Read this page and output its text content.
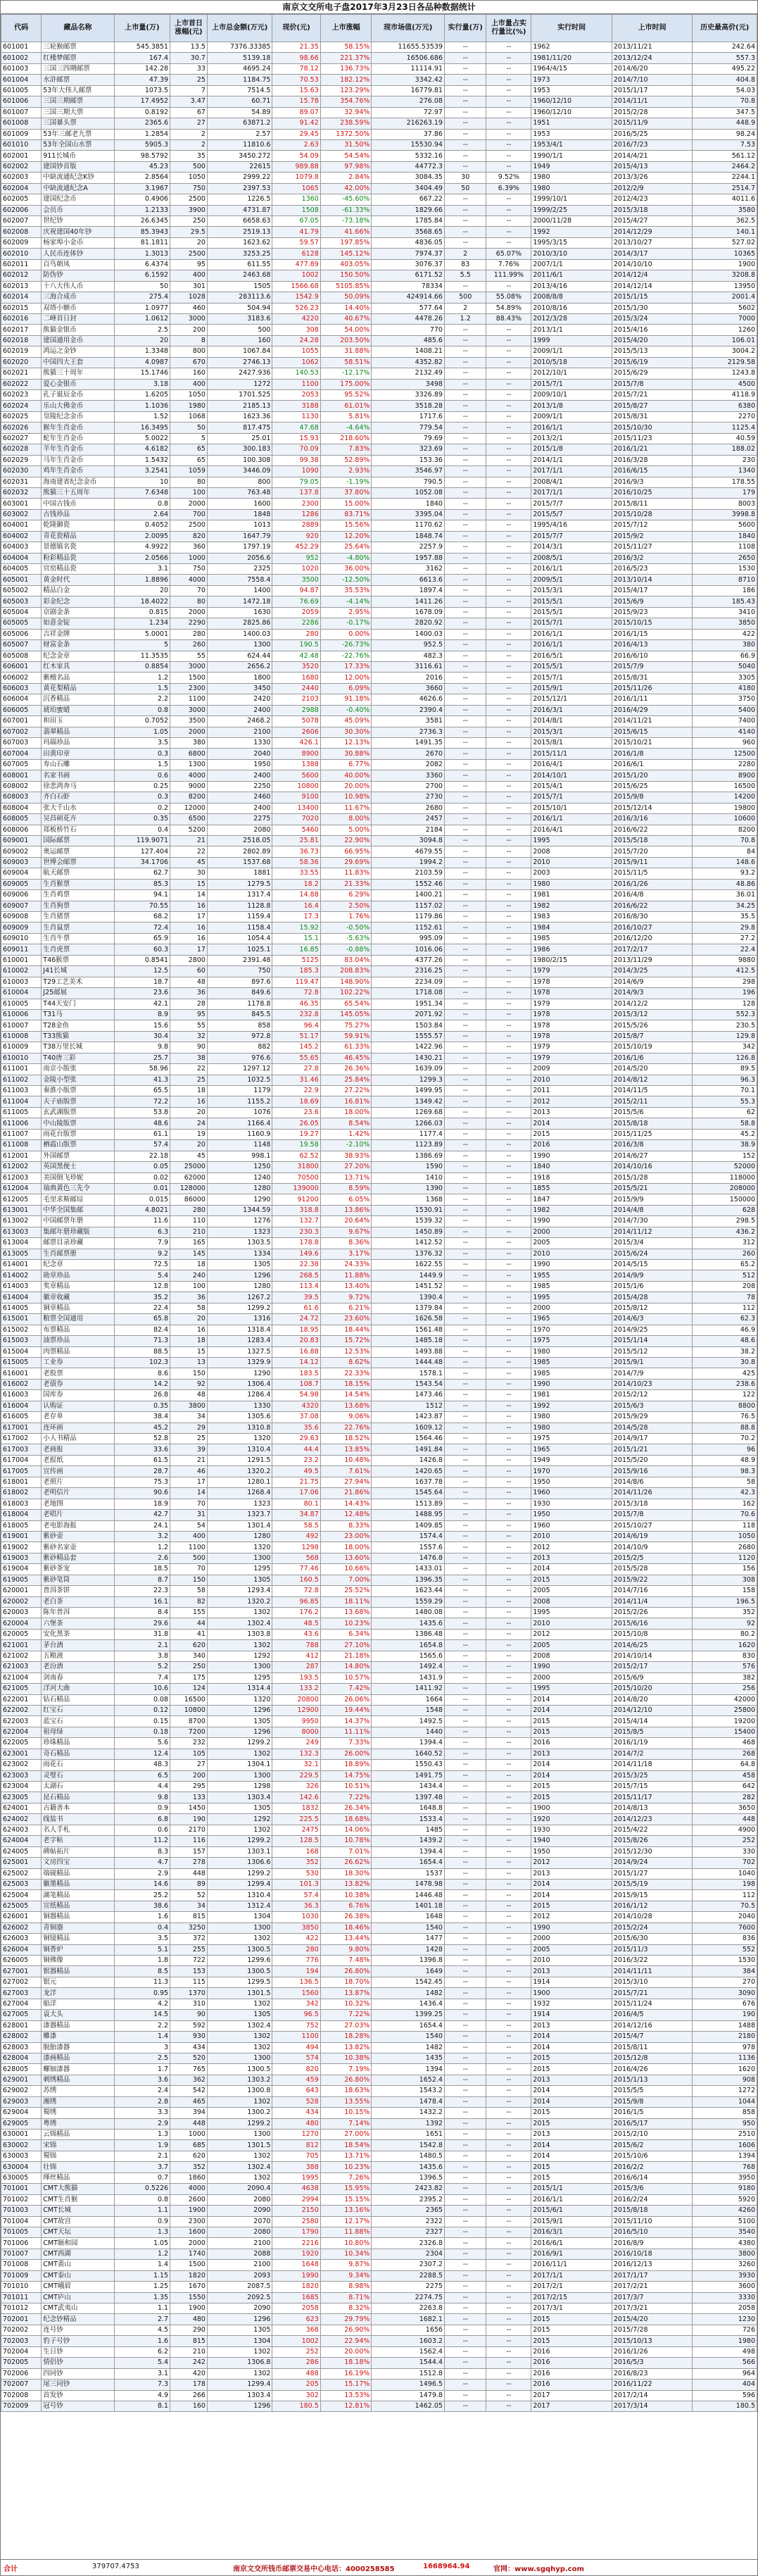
南京文交所电子盘2017年3月23日各品种数据统计
代码	藏品名称	上市量(万)	上市首日涨幅(元)	上市总金额(万元)	现价(元)	上市涨幅	现市场值(万元)	实行量(万)	上市量占实行量比(%)	实行时间	上市时间	历史最高价(元)
601001	三轮猴邮票	545.3851	13.5	7376.33385	21.35	58.15%	11655.53539	--	--	1962	2013/11/21	242.64
601002	红楼梦邮票	167.4	30.7	5139.18	98.66	221.37%	16506.686	--	--	1981/11/20	2013/12/24	557.3
601003	三国三四期邮票	142.28	33	4695.24	78.12	136.73%	11114.91	--	--	1964/4/15	2014/6/20	495.22
601004	水浒邮票	47.39	25	1184.75	70.53	182.12%	3342.42	--	--	1973	2014/7/10	404.8
601005	53年大伟人邮票	1073.5	7	7514.5	15.63	123.29%	16779.81	--	--	1953	2015/1/17	54.03
601006	三国三期邮票	17.4952	3.47	60.71	15.78	354.76%	276.08	--	--	1960/12/10	2014/11/1	70.8
601007	三国三期大票	0.8192	67	54.89	89.07	32.94%	72.97	--	--	1960/12/10	2015/2/28	347.5
601008	三国暴头票	2365.6	27	63871.2	91.42	238.59%	216263.19	--	--	1951	2015/11/9	448.9
601009	53年三邮老九票	1.2854	2	2.57	29.45	1372.50%	37.86	--	--	1953	2016/5/25	98.24
601010	53年全国山水票	5905.3	2	11810.6	2.63	31.50%	15530.94	--	--	1953/4/1	2016/7/23	7.53
602001	911长城币	98.5792	35	3450.272	54.09	54.54%	5332.16	--	--	1990/1/1	2014/4/21	561.12
602002	建国钞首版	45.23	500	22615	989.88	97.98%	44772.3	--	--	1949	2015/4/13	2464.2
602003	中缺流通纪念K钞	2.8564	1050	2999.22	1079.8	2.84%	3084.35	30	9.52%	1980	2013/3/26	2244.1
602004	中缺流通纪念A	3.1967	750	2397.53	1065	42.00%	3404.49	50	6.39%	1980	2012/2/9	2514.7
602005	建国纪念币	0.4906	2500	1226.5	1360	-45.60%	667.22	--	--	1999/10/1	2012/4/23	4011.6
602006	会员币	1.2133	3900	4731.87	1508	-61.33%	1829.66	--	--	1999/2/25	2015/3/18	3580
602007	世纪钞	26.6345	250	6658.63	67.05	-73.18%	1785.84	--	--	2000/11/28	2015/4/27	362.5
602008	庆祝建国40年钞	85.3943	29.5	2519.13	41.79	41.66%	3568.65	--	--	1992	2014/12/29	140.1
602009	杨家埠小金币	81.1811	20	1623.62	59.57	197.85%	4836.05	--	--	1995/3/15	2013/10/27	527.02
602010	人民币连体钞	1.3013	2500	3253.25	6128	145.12%	7974.37	2	65.07%	2010/3/10	2014/3/17	10365
602011	百鸟朝凤	6.4374	95	611.55	477.89	403.05%	3076.37	83	7.76%	2007/1/1	2014/10/10	1900
602012	防伪钞	6.1592	400	2463.68	1002	150.50%	6171.52	5.5	111.99%	2011/6/1	2014/12/4	3208.8
602013	十八大伟人币	50	301	1505	1566.68	5105.85%	78334	--	--	2013/4/16	2014/12/14	13950
602014	三海合成币	275.4	1028	283113.6	1542.9	50.09%	424914.66	500	55.08%	2008/8/8	2015/1/15	2001.4
602015	双塔小额币	1.0977	460	504.94	526.23	14.40%	577.64	2	54.89%	2010/8/16	2015/1/30	5602
602016	二峰首日封	1.0612	3000	3183.6	4220	40.67%	4478.26	1.2	88.43%	2012/3/28	2015/3/24	7000
602017	熊猫金银币	2.5	200	500	308	54.00%	770	--	--	2013/1/1	2015/4/16	1260
602018	建国通用金币	20	8	160	24.28	203.50%	485.6	--	--	1999	2015/4/20	106.01
602019	鸿运之金钞	1.3348	800	1067.84	1055	31.88%	1408.21	--	--	2009/1/1	2015/5/13	3004.2
602020	中国四大王套	4.0987	670	2746.13	1062	58.51%	4352.82	--	--	2010/5/18	2015/6/19	2129.58
602021	熊猫三十周年	15.1746	160	2427.936	140.53	-12.17%	2132.49	--	--	2012/10/1	2015/6/29	1243.8
602022	爱心金银币	3.18	400	1272	1100	175.00%	3498	--	--	2015/7/1	2015/7/8	4500
602023	孔子诞辰金币	1.6205	1050	1701.525	2053	95.52%	3326.89	--	--	2009/10/1	2015/7/21	4118.9
602024	乐山大佛金币	1.1036	1980	2185.13	3188	61.01%	3518.28	--	--	2013/1/8	2015/8/27	6380
602025	皇陵纪念金币	1.52	1068	1623.36	1130	5.81%	1717.6	--	--	2009/1/1	2015/8/31	2270
602026	猴年生肖金币	16.3495	50	817.475	47.68	-4.64%	779.54	--	--	2016/1/1	2015/10/30	1125.4
602027	蛇年生肖金币	5.0022	5	25.01	15.93	218.60%	79.69	--	--	2013/2/1	2015/11/23	40.59
602028	羊年生肖金币	4.6182	65	300.183	70.09	7.83%	323.69	--	--	2015/1/8	2016/1/21	188.02
602029	马年生肖金币	1.5432	65	100.308	99.38	52.89%	153.36	--	--	2014/1/1	2016/3/28	230
602030	鸡年生肖金币	3.2541	1059	3446.09	1090	2.93%	3546.97	--	--	2017/1/1	2016/6/15	1340
602031	海南建省纪念金币	10	80	800	79.05	-1.19%	790.5	--	--	2008/4/1	2016/9/3	178.55
602032	熊猫三十五周年	7.6348	100	763.48	137.8	37.80%	1052.08	--	--	2017/1/1	2016/10/25	179
603001	中国古钱币	0.8	2000	1600	2300	15.00%	1840	--	--	2015/7/7	2015/8/11	8003
603002	古钱珍品	2.64	700	1848	1286	83.71%	3395.04	--	--	2015/5/7	2015/10/28	3998.8
604001	乾隆御瓷	0.4052	2500	1013	2889	15.56%	1170.62	--	--	1995/4/16	2015/7/12	5600
604002	青花瓷精品	2.0095	820	1647.79	920	12.20%	1848.74	--	--	2015/7/7	2015/9/2	1840
604003	景德镇名瓷	4.9922	360	1797.19	452.29	25.64%	2257.9	--	--	2014/3/1	2015/11/27	1108
604004	粉彩精品瓷	2.0566	1000	2056.6	952	-4.80%	1957.88	--	--	2008/5/1	2016/3/2	2650
604005	官窑精品瓷	3.1	750	2325	1020	36.00%	3162	--	--	2016/1/1	2016/5/23	1530
605001	黄金时代	1.8896	4000	7558.4	3500	-12.50%	6613.6	--	--	2009/5/1	2013/10/14	8710
605002	精品白金	20	70	1400	94.87	35.53%	1897.4	--	--	2015/3/1	2015/4/17	186
605003	彩金纪念	18.4022	80	1472.18	76.69	-4.14%	1411.26	--	--	2015/5/1	2015/6/9	185.43
605004	京剧金条	0.815	2000	1630	2059	2.95%	1678.09	--	--	2015/5/1	2015/9/23	3410
605005	如意金锭	1.234	2290	2825.86	2286	-0.17%	2820.92	--	--	2015/7/1	2015/10/15	3850
605006	吉祥金牌	5.0001	280	1400.03	280	0.00%	1400.03	--	--	2016/1/1	2016/1/15	422
605007	财富金条	5	260	1300	190.5	-26.73%	952.5	--	--	2016/1/1	2016/4/13	380
605008	纪念金章	11.3535	55	624.44	42.48	-22.76%	482.3	--	--	2016/5/1	2016/6/10	66.9
606001	红木家具	0.8854	3000	2656.2	3520	17.33%	3116.61	--	--	2015/5/1	2015/7/9	5040
606002	紫檀名品	1.2	1500	1800	1680	12.00%	2016	--	--	2015/7/1	2015/8/31	3305
606003	黄花梨精品	1.5	2300	3450	2440	6.09%	3660	--	--	2015/9/1	2015/11/26	4180
606004	沉香精品	2.2	1100	2420	2103	91.18%	4626.6	--	--	2015/12/1	2016/1/11	3750
606005	琥珀蜜蜡	0.8	3000	2400	2988	-0.40%	2390.4	--	--	2016/3/1	2016/4/29	5400
607001	和田玉	0.7052	3500	2468.2	5078	45.09%	3581	--	--	2014/8/1	2014/11/21	7400
607002	翡翠精品	1.05	2000	2100	2606	30.30%	2736.3	--	--	2015/3/1	2015/6/15	4140
607003	玛瑙珍品	3.5	380	1330	426.1	12.13%	1491.35	--	--	2015/8/1	2015/10/21	960
607004	田黄印章	0.3	6800	2040	8900	30.88%	2670	--	--	2015/11/1	2016/1/8	12500
607005	寿山石雕	1.5	1300	1950	1388	6.77%	2082	--	--	2016/4/1	2016/6/1	2280
608001	名家书画	0.6	4000	2400	5600	40.00%	3360	--	--	2014/10/1	2015/1/20	8900
608002	徐悲鸿奔马	0.25	9000	2250	10800	20.00%	2700	--	--	2015/4/1	2015/6/25	16500
608003	齐白石虾	0.3	8200	2460	9100	10.98%	2730	--	--	2015/7/1	2015/9/8	14200
608004	张大千山水	0.2	12000	2400	13400	11.67%	2680	--	--	2015/10/1	2015/12/14	19800
608005	吴昌硕花卉	0.35	6500	2275	7020	8.00%	2457	--	--	2016/1/1	2016/3/16	10600
608006	郑板桥竹石	0.4	5200	2080	5460	5.00%	2184	--	--	2016/4/1	2016/6/22	8200
609001	国际邮票	119.9071	21	2518.05	25.81	22.90%	3094.8	--	--	1995	2015/5/18	70.8
609002	奥运邮票	127.404	22	2802.89	36.73	66.95%	4679.55	--	--	2008	2015/7/20	84
609003	世博会邮票	34.1706	45	1537.68	58.36	29.69%	1994.2	--	--	2010	2015/9/11	148.6
609004	航天邮票	62.7	30	1881	33.55	11.83%	2103.59	--	--	2003	2015/11/5	93.2
609005	生肖猴票	85.3	15	1279.5	18.2	21.33%	1552.46	--	--	1980	2016/1/26	48.86
609006	生肖鸡票	94.1	14	1317.4	14.88	6.29%	1400.21	--	--	1981	2016/4/8	36.01
609007	生肖狗票	70.55	16	1128.8	16.4	2.50%	1157.02	--	--	1982	2016/6/22	34.25
609008	生肖猪票	68.2	17	1159.4	17.3	1.76%	1179.86	--	--	1983	2016/8/30	35.5
609009	生肖鼠票	72.4	16	1158.4	15.92	-0.50%	1152.61	--	--	1984	2016/10/27	29.8
609010	生肖牛票	65.9	16	1054.4	15.1	-5.63%	995.09	--	--	1985	2016/12/20	27.2
609011	生肖虎票	60.3	17	1025.1	16.85	-0.88%	1016.06	--	--	1986	2017/2/17	22.4
610001	T46猴票	0.8541	2800	2391.48	5125	83.04%	4377.26	--	--	1980/2/15	2013/11/29	9880
610002	J41长城	12.5	60	750	185.3	208.83%	2316.25	--	--	1979	2014/3/25	412.5
610003	T29工艺美术	18.7	48	897.6	119.47	148.90%	2234.09	--	--	1978	2014/6/9	298
610004	J25邮展	23.6	36	849.6	72.8	102.22%	1718.08	--	--	1978	2014/9/3	196
610005	T44天安门	42.1	28	1178.8	46.35	65.54%	1951.34	--	--	1979	2014/12/2	128
610006	T31马	8.9	95	845.5	232.8	145.05%	2071.92	--	--	1978	2015/3/12	552.3
610007	T28金鱼	15.6	55	858	96.4	75.27%	1503.84	--	--	1978	2015/5/26	230.5
610008	T33熊猫	30.4	32	972.8	51.17	59.91%	1555.57	--	--	1978	2015/8/7	129.8
610009	T38万里长城	9.8	90	882	145.2	61.33%	1422.96	--	--	1979	2015/10/19	342
610010	T40唐三彩	25.7	38	976.6	55.65	46.45%	1430.21	--	--	1979	2016/1/6	126.8
611001	南京小版张	58.96	22	1297.12	27.8	26.36%	1639.09	--	--	2009	2014/5/20	89.5
611002	金陵小型张	41.3	25	1032.5	31.46	25.84%	1299.3	--	--	2010	2014/8/12	96.3
611003	秦淮小版票	65.5	18	1179	22.9	27.22%	1499.95	--	--	2011	2014/11/5	70.1
611004	夫子庙版票	72.2	16	1155.2	18.69	16.81%	1349.42	--	--	2012	2015/2/11	55.3
611005	玄武湖版票	53.8	20	1076	23.6	18.00%	1269.68	--	--	2013	2015/5/6	62
611006	中山陵版票	48.6	24	1166.4	26.05	8.54%	1266.03	--	--	2014	2015/8/18	58.8
611007	雨花台版票	61.1	19	1160.9	19.27	1.42%	1177.4	--	--	2015	2015/11/25	45.2
611008	栖霞山版票	57.4	20	1148	19.58	-2.10%	1123.89	--	--	2016	2016/3/8	38.9
612001	外国邮票	22.18	45	998.1	62.52	38.93%	1386.69	--	--	1990	2014/6/27	152
612002	英国黑便士	0.05	25000	1250	31800	27.20%	1590	--	--	1840	2014/10/16	52000
612003	美国倒飞珍妮	0.02	62000	1240	70500	13.71%	1410	--	--	1918	2015/1/28	118000
612004	瑞典黄色三先令	0.01	128000	1280	139000	8.59%	1390	--	--	1855	2015/5/21	208000
612005	毛里求斯邮局	0.015	86000	1290	91200	6.05%	1368	--	--	1847	2015/9/9	150000
613001	中华全国集邮	4.8021	280	1344.59	318.8	13.86%	1530.91	--	--	1982	2014/4/8	628
613002	中国邮票年册	11.6	110	1276	132.7	20.64%	1539.32	--	--	1990	2014/7/30	298.5
613003	集邮年册珍藏版	6.3	210	1323	230.3	9.67%	1450.89	--	--	2000	2014/11/12	436.2
613004	邮票目录珍藏	7.9	165	1303.5	178.8	8.36%	1412.52	--	--	2005	2015/3/4	312
613005	生肖邮票册	9.2	145	1334	149.6	3.17%	1376.32	--	--	2010	2015/6/24	260
614001	纪念章	72.5	18	1305	22.38	24.33%	1622.55	--	--	1990	2014/5/15	65.2
614002	勋章珍品	5.4	240	1296	268.5	11.88%	1449.9	--	--	1955	2014/9/9	512
614003	奖章精品	12.8	100	1280	113.4	13.40%	1451.52	--	--	1985	2015/1/6	208
614004	徽章收藏	35.2	36	1267.2	39.5	9.72%	1390.4	--	--	1995	2015/4/28	78
614005	铜章精品	22.4	58	1299.2	61.6	6.21%	1379.84	--	--	2000	2015/8/12	112
615001	粮票全国通用	65.8	20	1316	24.72	23.60%	1626.58	--	--	1965	2014/6/3	62.3
615002	布票精品	82.4	16	1318.4	18.95	18.44%	1561.48	--	--	1970	2014/9/25	46.9
615003	油票珍品	71.3	18	1283.4	20.83	15.72%	1485.18	--	--	1975	2015/1/14	48.6
615004	肉票精品	88.5	15	1327.5	16.88	12.53%	1493.88	--	--	1980	2015/5/12	38.2
615005	工业券	102.3	13	1329.9	14.12	8.62%	1444.48	--	--	1985	2015/9/1	30.8
616001	老股票	8.6	150	1290	183.5	22.33%	1578.1	--	--	1985	2014/7/9	425
616002	老债券	14.2	92	1306.4	108.7	18.15%	1543.54	--	--	1990	2014/10/23	238.6
616003	国库券	26.8	48	1286.4	54.98	14.54%	1473.46	--	--	1981	2015/2/12	122
616004	认购证	0.35	3800	1330	4320	13.68%	1512	--	--	1992	2015/6/3	8800
616005	老存单	38.4	34	1305.6	37.08	9.06%	1423.87	--	--	1980	2015/9/29	76.5
617001	连环画	45.2	29	1310.8	35.6	22.76%	1609.12	--	--	1980	2014/5/28	88.8
617002	小人书精品	52.8	25	1320	29.63	18.52%	1564.46	--	--	1975	2014/9/17	70.2
617003	老画报	33.6	39	1310.4	44.4	13.85%	1491.84	--	--	1965	2015/1/21	96
617004	老报纸	61.5	21	1291.5	23.2	10.48%	1426.8	--	--	1949	2015/5/20	48.9
617005	宣传画	28.7	46	1320.2	49.5	7.61%	1420.65	--	--	1970	2015/9/16	98.3
618001	老照片	75.3	17	1280.1	21.75	27.94%	1637.78	--	--	1950	2014/8/6	58
618002	老明信片	90.6	14	1268.4	17.06	21.86%	1545.64	--	--	1960	2014/11/26	42.3
618003	老地图	18.9	70	1323	80.1	14.43%	1513.89	--	--	1930	2015/3/18	162
618004	老唱片	42.7	31	1323.7	34.87	12.48%	1488.95	--	--	1950	2015/7/8	70.6
618005	老电影海报	24.1	54	1301.4	58.5	8.33%	1409.85	--	--	1960	2015/10/27	118
619001	紫砂壶	3.2	400	1280	492	23.00%	1574.4	--	--	2010	2014/6/19	1050
619002	紫砂名家壶	1.2	1100	1320	1298	18.00%	1557.6	--	--	2012	2014/10/9	2680
619003	紫砂精品套	2.6	500	1300	568	13.60%	1476.8	--	--	2013	2015/2/5	1120
619004	紫砂茶宠	18.5	70	1295	77.46	10.66%	1433.01	--	--	2014	2015/5/28	156
619005	紫砂笔筒	8.7	150	1305	160.5	7.00%	1396.35	--	--	2015	2015/9/22	308
620001	普洱茶饼	22.3	58	1293.4	72.8	25.52%	1623.44	--	--	2005	2014/7/16	158
620002	老白茶	16.1	82	1320.2	96.85	18.11%	1559.29	--	--	2008	2014/11/4	196.5
620003	陈年普洱	8.4	155	1302	176.2	13.68%	1480.08	--	--	1995	2015/2/26	352
620004	六堡茶	29.6	44	1302.4	48.5	10.23%	1435.6	--	--	2010	2015/6/16	92
620005	安化黑茶	31.8	41	1303.8	43.6	6.34%	1386.48	--	--	2012	2015/10/8	80.2
621001	茅台酒	2.1	620	1302	788	27.10%	1654.8	--	--	2005	2014/6/25	1620
621002	五粮液	3.8	340	1292	412	21.18%	1565.6	--	--	2008	2014/10/14	830
621003	老汾酒	5.2	250	1300	287	14.80%	1492.4	--	--	1990	2015/2/17	576
621004	剑南春	7.4	175	1295	193.5	10.57%	1431.9	--	--	2000	2015/6/9	382
621005	洋河大曲	10.6	124	1314.4	133.2	7.42%	1411.92	--	--	1995	2015/10/20	256
622001	钻石精品	0.08	16500	1320	20800	26.06%	1664	--	--	2014	2014/8/20	42000
622002	红宝石	0.12	10800	1296	12900	19.44%	1548	--	--	2014	2014/12/10	25800
622003	蓝宝石	0.15	8700	1305	9950	14.37%	1492.5	--	--	2015	2015/4/14	19200
622004	祖母绿	0.18	7200	1296	8000	11.11%	1440	--	--	2015	2015/8/5	15400
622005	珍珠精品	5.6	232	1299.2	249	7.33%	1394.4	--	--	2016	2016/1/19	468
623001	奇石精品	12.4	105	1302	132.3	26.00%	1640.52	--	--	2013	2014/7/2	268
623002	雨花石	48.3	27	1304.1	32.1	18.89%	1550.43	--	--	2014	2014/11/18	64.8
623003	灵璧石	6.5	200	1300	229.5	14.75%	1491.75	--	--	2014	2015/3/25	458
623004	太湖石	4.4	295	1298	326	10.51%	1434.4	--	--	2015	2015/7/15	642
623005	昆石精品	9.8	133	1303.4	142.6	7.22%	1397.48	--	--	2015	2015/11/17	282
624001	古籍善本	0.9	1450	1305	1832	26.34%	1648.8	--	--	1900	2014/8/13	3650
624002	线装书	6.8	190	1292	225.5	18.68%	1533.4	--	--	1920	2014/12/23	448
624003	名人手札	0.6	2170	1302	2475	14.06%	1485	--	--	1930	2015/4/22	4900
624004	老字帖	11.2	116	1299.2	128.5	10.78%	1439.2	--	--	1940	2015/8/26	252
624005	碑帖拓片	8.3	157	1303.1	168	7.01%	1394.4	--	--	1950	2015/12/30	330
625001	文房四宝	4.7	278	1306.6	352	26.62%	1654.4	--	--	2012	2014/9/24	702
625002	端砚精品	2.9	448	1299.2	530	18.30%	1537	--	--	2013	2015/1/27	1040
625003	徽墨精品	14.6	89	1299.4	101.3	13.82%	1478.98	--	--	2014	2015/5/19	198
625004	湖笔精品	25.2	52	1310.4	57.4	10.38%	1446.48	--	--	2014	2015/9/15	112
625005	宣纸精品	38.6	34	1312.4	36.3	6.76%	1401.18	--	--	2015	2016/1/12	70.5
626001	铜器精品	1.6	815	1304	1030	26.38%	1648	--	--	2012	2014/10/28	2040
626002	青铜器	0.4	3250	1300	3850	18.46%	1540	--	--	1990	2015/2/24	7600
626003	铜镜精品	3.5	372	1302	422	13.44%	1477	--	--	2000	2015/6/30	836
626004	铜香炉	5.1	255	1300.5	280	9.80%	1428	--	--	2005	2015/11/3	552
626005	铜佛像	1.8	722	1299.6	776	7.48%	1396.8	--	--	2010	2016/3/22	1530
627001	银器精品	8.5	153	1300.5	194	26.80%	1649	--	--	2013	2014/11/11	384
627002	银元	11.3	115	1299.5	136.5	18.70%	1542.45	--	--	1914	2015/3/10	270
627003	龙洋	0.95	1370	1301.5	1560	13.87%	1482	--	--	1900	2015/7/21	3090
627004	船洋	4.2	310	1302	342	10.32%	1436.4	--	--	1932	2015/11/24	676
627005	袁大头	14.5	90	1305	96.5	7.22%	1399.25	--	--	1914	2016/4/5	190
628001	漆器精品	2.2	592	1302.4	752	27.03%	1654.4	--	--	2013	2014/12/16	1488
628002	雕漆	1.4	930	1302	1100	18.28%	1540	--	--	2014	2015/4/7	2180
628003	脱胎漆器	3	434	1302	494	13.82%	1482	--	--	2014	2015/8/11	978
628004	漆画精品	2.5	520	1300	574	10.38%	1435	--	--	2015	2015/12/8	1136
628005	螺钿漆器	1.7	765	1300.5	820	7.19%	1394	--	--	2015	2016/4/26	1620
629001	刺绣精品	3.6	362	1303.2	459	26.80%	1652.4	--	--	2013	2015/1/13	908
629002	苏绣	2.4	542	1300.8	643	18.63%	1543.2	--	--	2014	2015/5/5	1272
629003	湘绣	2.8	465	1302	528	13.55%	1478.4	--	--	2014	2015/9/8	1044
629004	蜀绣	3.3	394	1300.2	434	10.15%	1432.2	--	--	2015	2016/1/5	858
629005	粤绣	2.9	448	1299.2	480	7.14%	1392	--	--	2015	2016/5/17	950
630001	云锦精品	1.3	1000	1300	1270	27.00%	1651	--	--	2013	2015/2/10	2510
630002	宋锦	1.9	685	1301.5	812	18.54%	1542.8	--	--	2014	2015/6/2	1606
630003	蜀锦	2.1	620	1302	705	13.71%	1480.5	--	--	2014	2015/10/6	1394
630004	壮锦	3.7	352	1302.4	388	10.23%	1435.6	--	--	2015	2016/2/2	768
630005	缂丝精品	0.7	1860	1302	1995	7.26%	1396.5	--	--	2015	2016/6/14	3950
701001	CMT大熊猫	0.5226	4000	2090.4	4638	15.95%	2423.82	--	--	2015/1/1	2015/3/6	9180
701002	CMT生肖猴	0.8	2600	2080	2994	15.15%	2395.2	--	--	2016/1/1	2016/2/24	5920
701003	CMT长城	1.1	1900	2090	2150	13.16%	2365	--	--	2015/6/1	2015/8/18	4260
701004	CMT故宫	0.9	2300	2070	2580	12.17%	2322	--	--	2015/9/1	2015/11/10	5100
701005	CMT天坛	1.3	1600	2080	1790	11.88%	2327	--	--	2016/3/1	2016/5/10	3540
701006	CMT颐和园	1.05	2000	2100	2216	10.80%	2326.8	--	--	2016/6/1	2016/8/9	4380
701007	CMT西湖	1.2	1740	2088	1920	10.34%	2304	--	--	2016/9/1	2016/10/18	3800
701008	CMT黄山	1.4	1500	2100	1648	9.87%	2307.2	--	--	2016/11/1	2016/12/13	3260
701009	CMT泰山	1.15	1820	2093	1990	9.34%	2288.5	--	--	2017/1/1	2017/1/17	3930
701010	CMT峨眉	1.25	1670	2087.5	1820	8.98%	2275	--	--	2017/2/1	2017/2/21	3600
701011	CMT庐山	1.35	1550	2092.5	1685	8.71%	2274.75	--	--	2017/2/15	2017/3/7	3330
701012	CMT武夷山	1.1	1900	2090	2058	8.32%	2263.8	--	--	2017/3/1	2017/3/21	2058
702001	纪念钞精品	2.7	480	1296	623	29.79%	1682.1	--	--	2015	2015/4/20	1230
702002	连号钞	4.5	290	1305	368	26.90%	1656	--	--	2015	2015/7/28	726
702003	豹子号钞	1.6	815	1304	1002	22.94%	1603.2	--	--	2015	2015/10/13	1980
702004	生日钞	6.2	210	1302	252	20.00%	1562.4	--	--	2016	2016/1/26	498
702005	情侣钞	5.4	242	1306.8	286	18.18%	1544.4	--	--	2016	2016/5/3	566
702006	四同钞	3.1	420	1302	488	16.19%	1512.8	--	--	2016	2016/8/23	964
702007	尾三同钞	7.3	178	1299.4	205	15.17%	1496.5	--	--	2016	2016/11/22	404
702008	首发钞	4.9	266	1303.4	302	13.53%	1479.8	--	--	2017	2017/2/14	596
702009	冠号钞	8.1	160	1296	180.5	12.81%	1462.05	--	--	2017	2017/3/14	180.5
合计	379707.4753	南京文交所钱币邮票交易中心电话：4000258585	1668964.94	官网：www.sgqhyp.com
